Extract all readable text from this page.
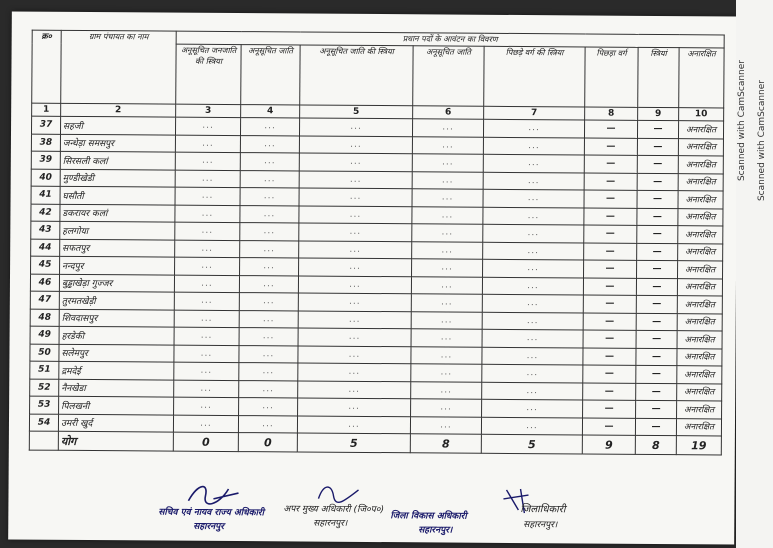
क्र०	ग्राम पंचायत का नाम	प्रधान पदों के आवंटन का विवरण							
		अनूसूचित जनजाति की स्त्रिया	अनूसूचित जाति	अनूसूचित जाति की स्त्रिया	अनूसूचित जाति	पिछड़े वर्ग की स्त्रिया	पिछड़ा वर्ग	स्त्रियां	अनारक्षित
1	2	3	4	5	6	7	8	9	10
37	सहजी	...	...	...	...	...	—	—	अनारक्षित
38	जन्धेड़ा समसपुर	...	...	...	...	...	—	—	अनारक्षित
39	सिरसली कलां	...	...	...	...	...	—	—	अनारक्षित
40	मुण्डीखेडी	...	...	...	...	...	—	—	अनारक्षित
41	घसौती	...	...	...	...	...	—	—	अनारक्षित
42	डकरायर कलां	...	...	...	...	...	—	—	अनारक्षित
43	हलगोया	...	...	...	...	...	—	—	अनारक्षित
44	सफतपुर	...	...	...	...	...	—	—	अनारक्षित
45	नन्दपुर	...	...	...	...	...	—	—	अनारक्षित
46	बुड्ढाखेड़ा गुज्जर	...	...	...	...	...	—	—	अनारक्षित
47	तुरमतखेड़ी	...	...	...	...	...	—	—	अनारक्षित
48	शिवदासपुर	...	...	...	...	...	—	—	अनारक्षित
49	हरडेकी	...	...	...	...	...	—	—	अनारक्षित
50	सलेमपुर	...	...	...	...	...	—	—	अनारक्षित
51	द्रमदेई	...	...	...	...	...	—	—	अनारक्षित
52	नैनखेडा	...	...	...	...	...	—	—	अनारक्षित
53	पिलखनी	...	...	...	...	...	—	—	अनारक्षित
54	उमरी खुर्द	...	...	...	...	...	—	—	अनारक्षित
	योग	0	0	5	8	5	9	8	19
सचिव एवं नायव राज्य अधिकारी
सहारनपुर
अपर मुख्य अधिकारी (जि०प०)
सहारनपुर।
जिला विकास अधिकारी
सहारनपुर।
जिलाधिकारी
सहारनपुर।
Scanned with CamScanner Scanned with CamScanner
